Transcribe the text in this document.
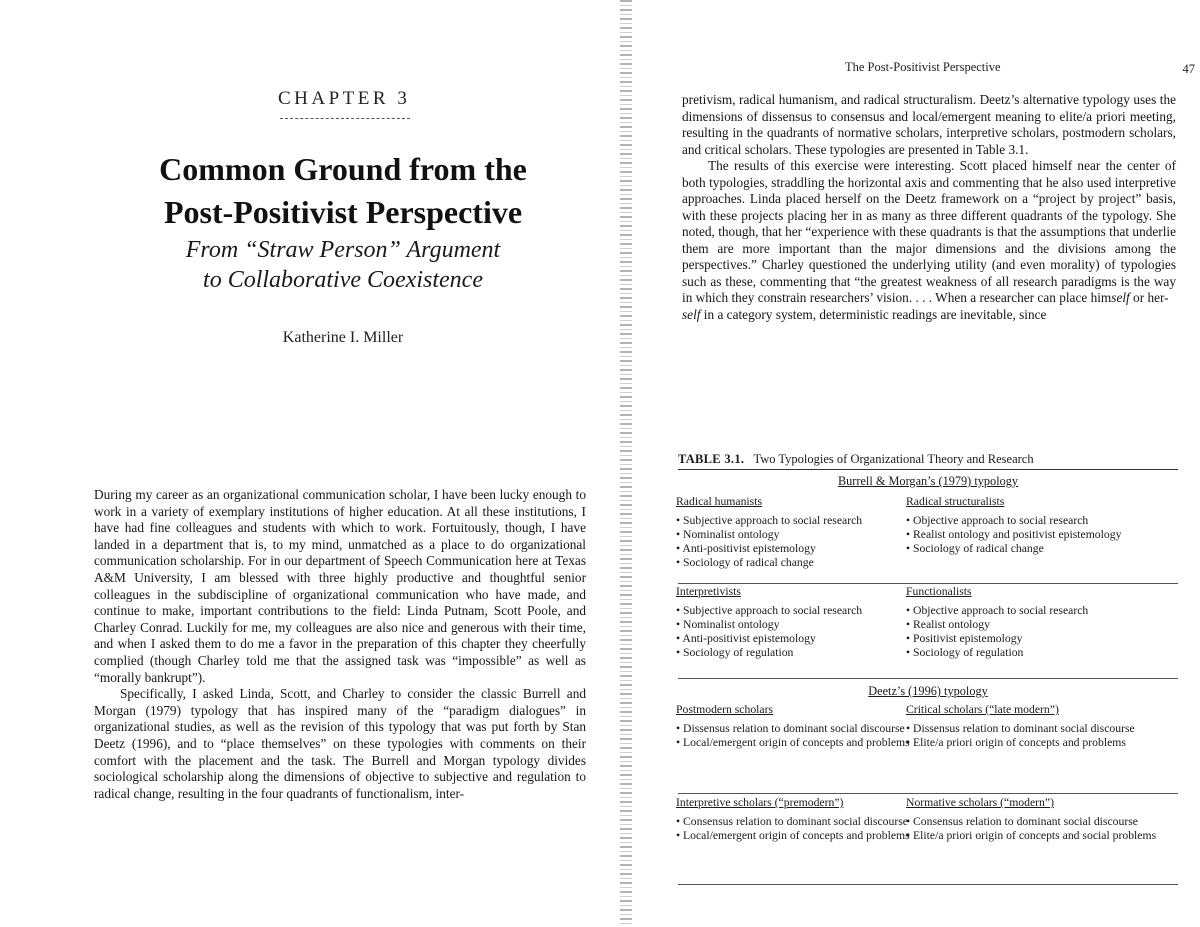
CHAPTER 3
Common Ground from the
Post-Positivist Perspective
From “Straw Person” Argument
to Collaborative Coexistence
Katherine I. Miller

During my career as an organizational communication scholar, I have been lucky enough to work in a variety of exemplary institutions of higher education. At all these institutions, I have had fine colleagues and students with which to work. Fortuitously, though, I have landed in a department that is, to my mind, unmatched as a place to do organizational communication scholarship. For in our department of Speech Communication here at Texas A&M University, I am blessed with three highly productive and thoughtful senior colleagues in the subdiscipline of organizational communication who have made, and continue to make, important contributions to the field: Linda Putnam, Scott Poole, and Charley Conrad. Luckily for me, my colleagues are also nice and generous with their time, and when I asked them to do me a favor in the preparation of this chapter they cheerfully complied (though Charley told me that the assigned task was “impossible” as well as “morally bankrupt”).

Specifically, I asked Linda, Scott, and Charley to consider the classic Burrell and Morgan (1979) typology that has inspired many of the “paradigm dialogues” in organizational studies, as well as the revision of this typology that was put forth by Stan Deetz (1996), and to “place themselves” on these typologies with comments on their comfort with the placement and the task. The Burrell and Morgan typology divides sociological scholarship along the dimensions of objective to subjective and regulation to radical change, resulting in the four quadrants of functionalism, inter-

The Post-Positivist Perspective	47

pretivism, radical humanism, and radical structuralism. Deetz’s alternative typology uses the dimensions of dissensus to consensus and local/emergent meaning to elite/a priori meeting, resulting in the quadrants of normative scholars, interpretive scholars, postmodern scholars, and critical scholars. These typologies are presented in Table 3.1.

The results of this exercise were interesting. Scott placed himself near the center of both typologies, straddling the horizontal axis and commenting that he also used interpretive approaches. Linda placed herself on the Deetz framework on a “project by project” basis, with these projects placing her in as many as three different quadrants of the typology. She noted, though, that her “experience with these quadrants is that the assumptions that underlie them are more important than the major dimensions and the divisions among the perspectives.” Charley questioned the underlying utility (and even morality) of typologies such as these, commenting that “the greatest weakness of all research paradigms is the way in which they constrain researchers’ vision. . . . When a researcher can place himself or her-
self in a category system, deterministic readings are inevitable, since

TABLE 3.1. Two Typologies of Organizational Theory and Research
Burrell & Morgan’s (1979) typology
Radical humanists
• Subjective approach to social research
• Nominalist ontology
• Anti-positivist epistemology
• Sociology of radical change
Radical structuralists
• Objective approach to social research
• Realist ontology and positivist epistemology
• Sociology of radical change
Interpretivists
• Subjective approach to social research
• Nominalist ontology
• Anti-positivist epistemology
• Sociology of regulation
Functionalists
• Objective approach to social research
• Realist ontology
• Positivist epistemology
• Sociology of regulation
Deetz’s (1996) typology
Postmodern scholars
• Dissensus relation to dominant social discourse
• Local/emergent origin of concepts and problems
Critical scholars (“late modern”)
• Dissensus relation to dominant social discourse
• Elite/a priori origin of concepts and problems
Interpretive scholars (“premodern”)
• Consensus relation to dominant social discourse
• Local/emergent origin of concepts and problems
Normative scholars (“modern”)
• Consensus relation to dominant social discourse
• Elite/a priori origin of concepts and social problems
